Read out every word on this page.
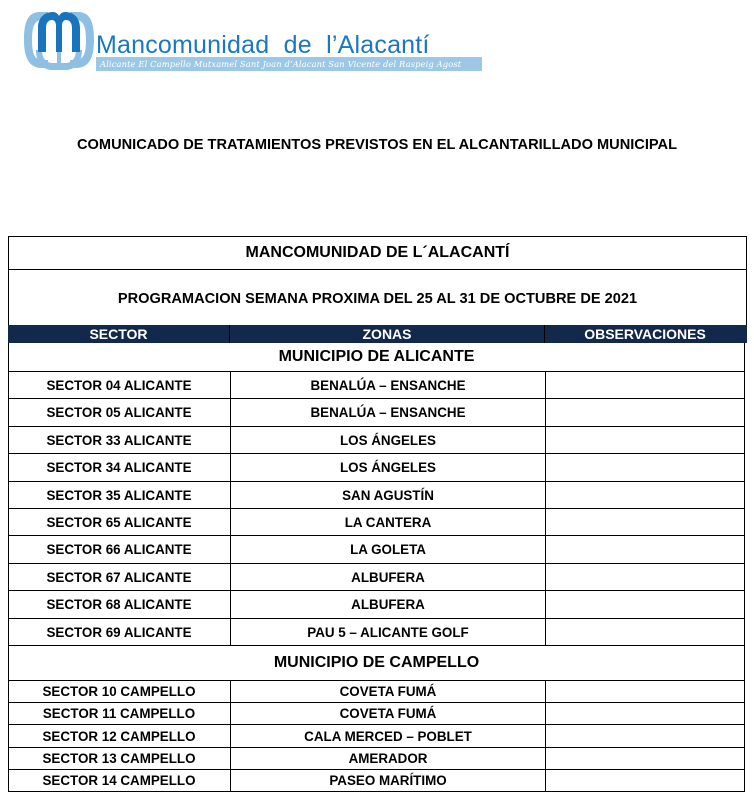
Mancomunidad  de  l’Alacantí
Alicante El Campello Mutxamel Sant Joan d’Alacant San Vicente del Raspeig Agost
COMUNICADO DE TRATAMIENTOS PREVISTOS EN EL ALCANTARILLADO MUNICIPAL
MANCOMUNIDAD DE L´ALACANTÍ
PROGRAMACION SEMANA PROXIMA DEL 25 AL 31 DE OCTUBRE DE 2021
SECTOR	ZONAS	OBSERVACIONES
MUNICIPIO DE ALICANTE
SECTOR 04 ALICANTE	BENALÚA – ENSANCHE
SECTOR 05 ALICANTE	BENALÚA – ENSANCHE
SECTOR 33 ALICANTE	LOS ÁNGELES
SECTOR 34 ALICANTE	LOS ÁNGELES
SECTOR 35 ALICANTE	SAN AGUSTÍN
SECTOR 65 ALICANTE	LA CANTERA
SECTOR 66 ALICANTE	LA GOLETA
SECTOR 67 ALICANTE	ALBUFERA
SECTOR 68 ALICANTE	ALBUFERA
SECTOR 69 ALICANTE	PAU 5 – ALICANTE GOLF
MUNICIPIO DE CAMPELLO
SECTOR 10 CAMPELLO	COVETA FUMÁ
SECTOR 11 CAMPELLO	COVETA FUMÁ
SECTOR 12 CAMPELLO	CALA MERCED – POBLET
SECTOR 13 CAMPELLO	AMERADOR
SECTOR 14 CAMPELLO	PASEO MARÍTIMO
